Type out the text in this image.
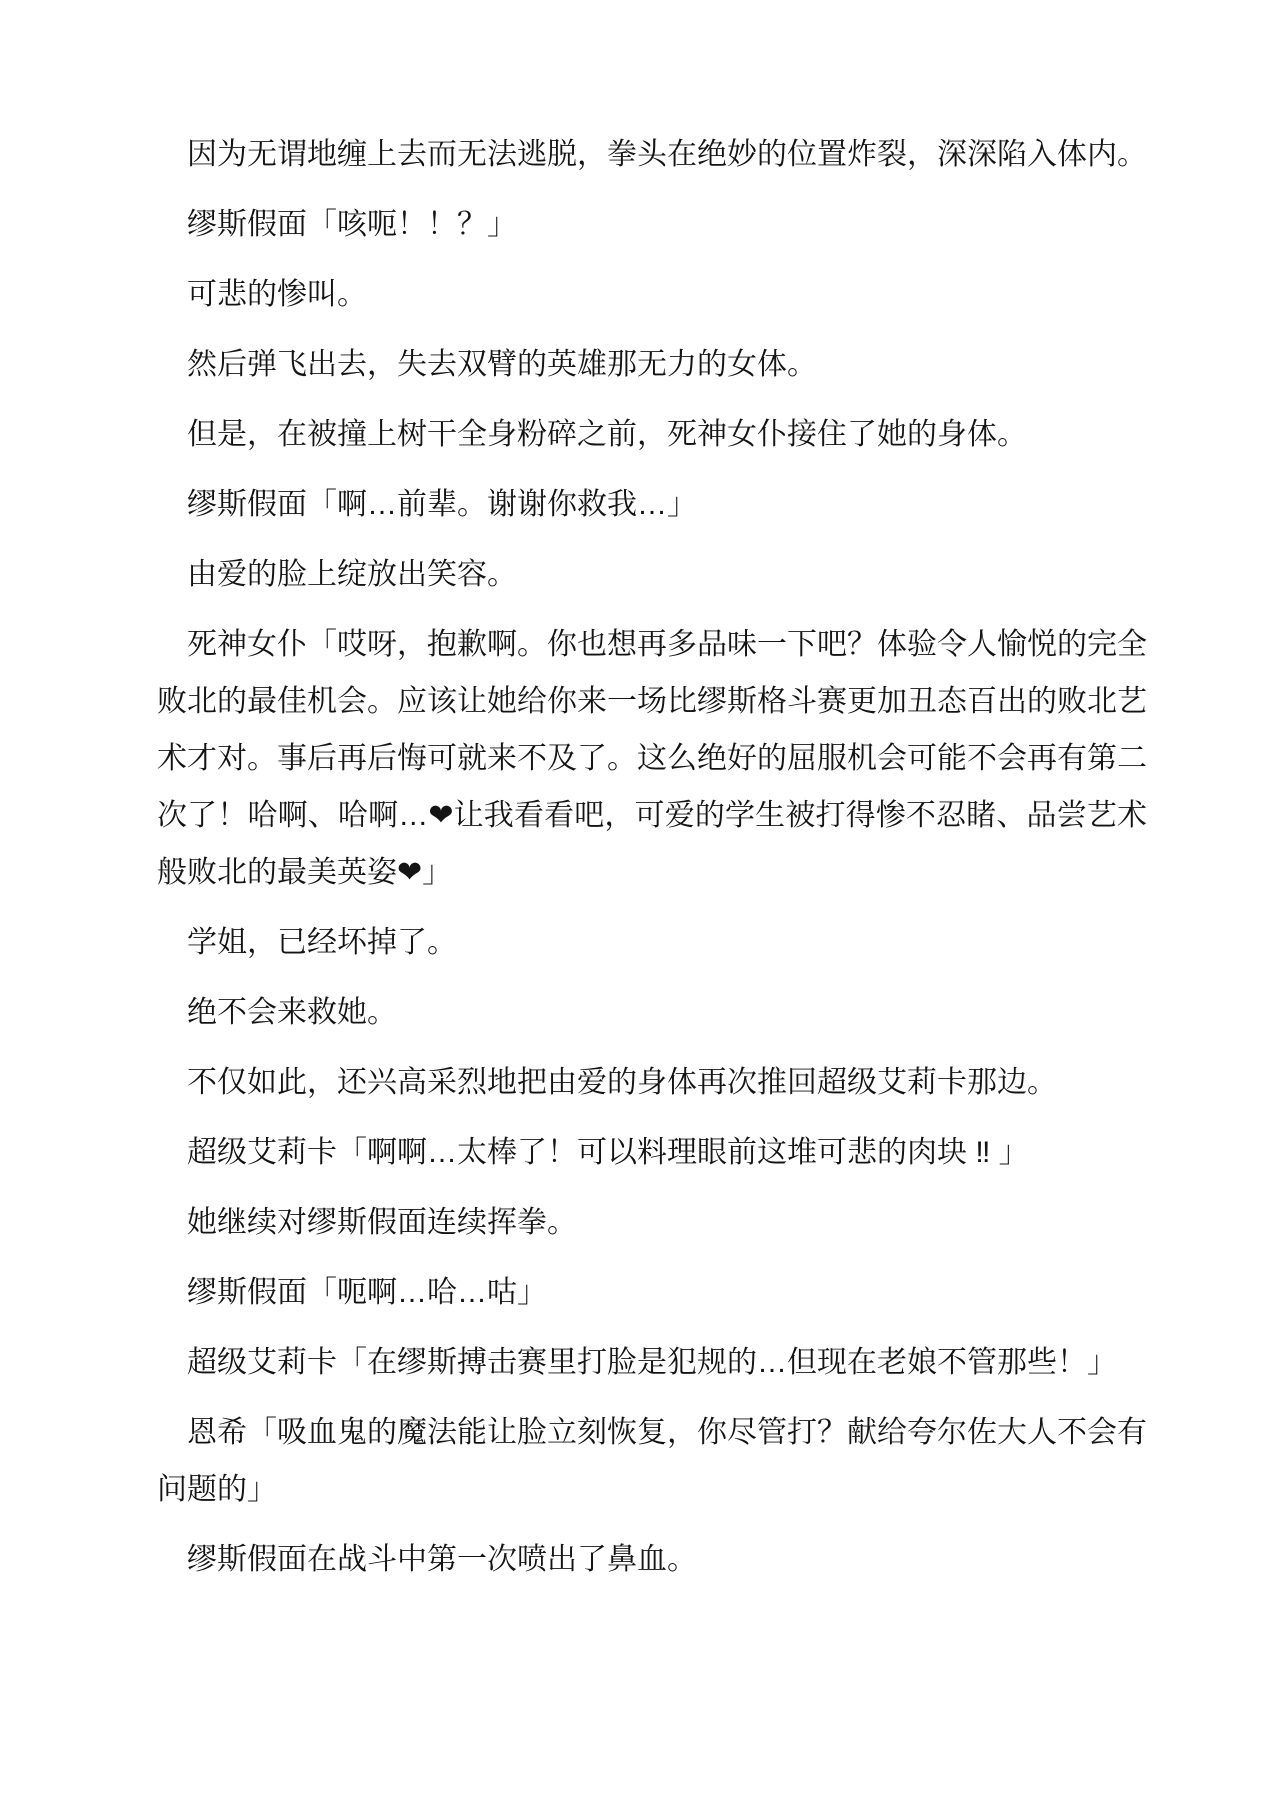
因为无谓地缠上去而无法逃脱，拳头在绝妙的位置炸裂，深深陷入体内。

缪斯假面「咳呃！！？」

可悲的惨叫。

然后弹飞出去，失去双臂的英雄那无力的女体。

但是，在被撞上树干全身粉碎之前，死神女仆接住了她的身体。

缪斯假面「啊…前辈。谢谢你救我…」

由爱的脸上绽放出笑容。

死神女仆「哎呀，抱歉啊。你也想再多品味一下吧？体验令人愉悦的完全败北的最佳机会。应该让她给你来一场比缪斯格斗赛更加丑态百出的败北艺术才对。事后再后悔可就来不及了。这么绝好的屈服机会可能不会再有第二次了！哈啊、哈啊…❤让我看看吧，可爱的学生被打得惨不忍睹、品尝艺术般败北的最美英姿❤」

学姐，已经坏掉了。

绝不会来救她。

不仅如此，还兴高采烈地把由爱的身体再次推回超级艾莉卡那边。

超级艾莉卡「啊啊…太棒了！可以料理眼前这堆可悲的肉块 ‼ 」

她继续对缪斯假面连续挥拳。

缪斯假面「呃啊…哈…咕」

超级艾莉卡「在缪斯搏击赛里打脸是犯规的…但现在老娘不管那些！」

恩希「吸血鬼的魔法能让脸立刻恢复，你尽管打？献给夸尔佐大人不会有问题的」

缪斯假面在战斗中第一次喷出了鼻血。
